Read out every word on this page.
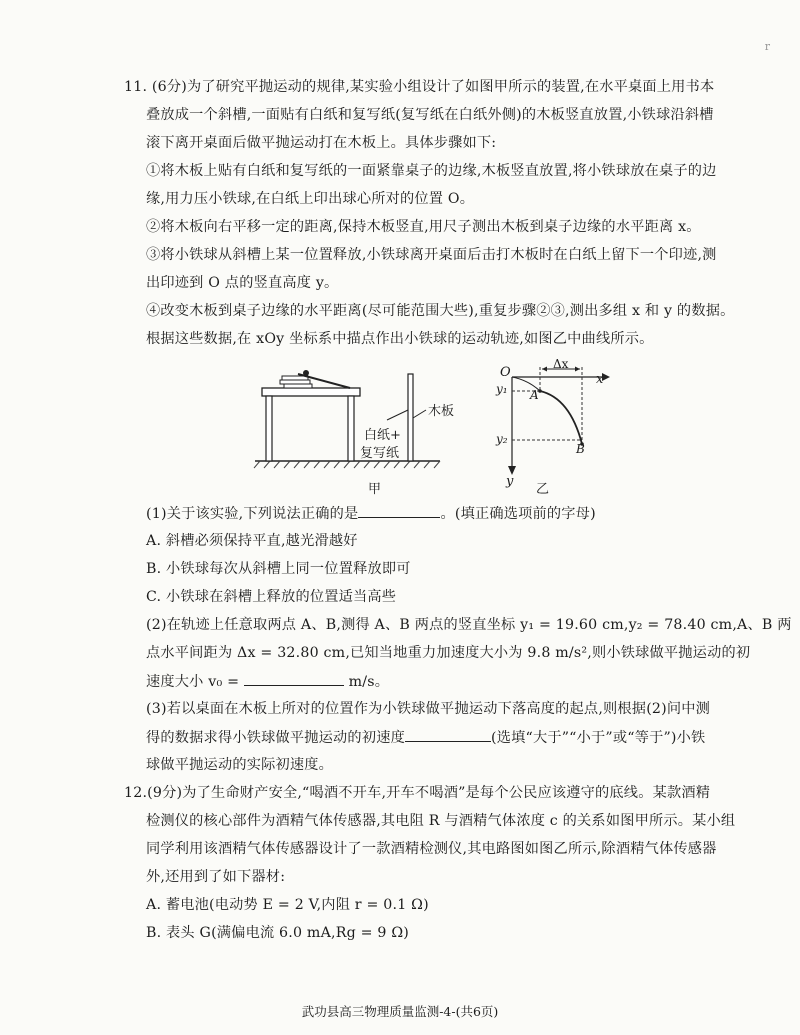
r
11. (6分)为了研究平抛运动的规律,某实验小组设计了如图甲所示的装置,在水平桌面上用书本
叠放成一个斜槽,一面贴有白纸和复写纸(复写纸在白纸外侧)的木板竖直放置,小铁球沿斜槽
滚下离开桌面后做平抛运动打在木板上。具体步骤如下:
①将木板上贴有白纸和复写纸的一面紧靠桌子的边缘,木板竖直放置,将小铁球放在桌子的边
缘,用力压小铁球,在白纸上印出球心所对的位置 O。
②将木板向右平移一定的距离,保持木板竖直,用尺子测出木板到桌子边缘的水平距离 x。
③将小铁球从斜槽上某一位置释放,小铁球离开桌面后击打木板时在白纸上留下一个印迹,测
出印迹到 O 点的竖直高度 y。
④改变木板到桌子边缘的水平距离(尽可能范围大些),重复步骤②③,测出多组 x 和 y 的数据。
根据这些数据,在 xOy 坐标系中描点作出小铁球的运动轨迹,如图乙中曲线所示。
木板
白纸+
复写纸
甲
O	x
y
Δx
y₁
y₂
A
B
乙
(1)关于该实验,下列说法正确的是	。(填正确选项前的字母)
A. 斜槽必须保持平直,越光滑越好
B. 小铁球每次从斜槽上同一位置释放即可
C. 小铁球在斜槽上释放的位置适当高些
(2)在轨迹上任意取两点 A、B,测得 A、B 两点的竖直坐标 y₁ = 19.60 cm,y₂ = 78.40 cm,A、B 两
点水平间距为 Δx = 32.80 cm,已知当地重力加速度大小为 9.8 m/s²,则小铁球做平抛运动的初
速度大小 v₀ =	m/s。
(3)若以桌面在木板上所对的位置作为小铁球做平抛运动下落高度的起点,则根据(2)问中测
得的数据求得小铁球做平抛运动的初速度	(选填“大于”“小于”或“等于”)小铁
球做平抛运动的实际初速度。
12.(9分)为了生命财产安全,“喝酒不开车,开车不喝酒”是每个公民应该遵守的底线。某款酒精
检测仪的核心部件为酒精气体传感器,其电阻 R 与酒精气体浓度 c 的关系如图甲所示。某小组
同学利用该酒精气体传感器设计了一款酒精检测仪,其电路图如图乙所示,除酒精气体传感器
外,还用到了如下器材:
A. 蓄电池(电动势 E = 2 V,内阻 r = 0.1 Ω)
B. 表头 G(满偏电流 6.0 mA,Rg = 9 Ω)
武功县高三物理质量监测-4-(共6页)
